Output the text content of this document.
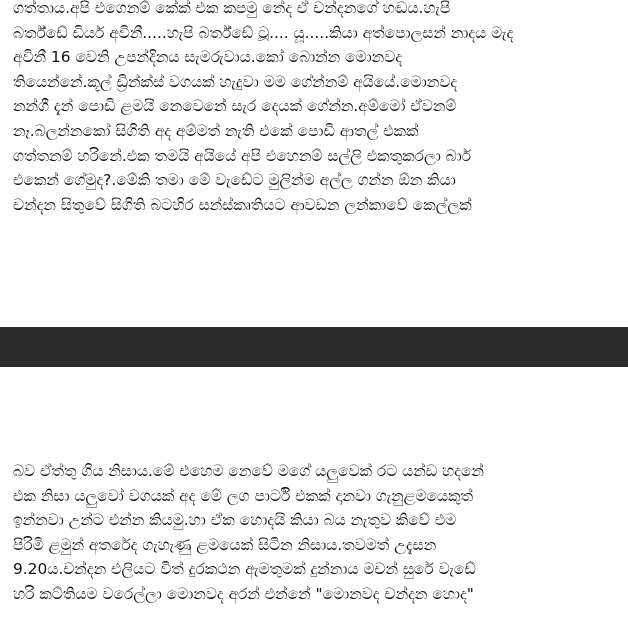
ගත්තාය.අපි එගෙනම් කේක් එක කපමු නේද ඒ චන්දනගේ හඬය.හැපි
බර්ත්ඩේ ඩියර් අවිනී.....හැපි බර්ත්ඩේ ටූ.... යූ.....කියා අත්පොලසන් නාදය මැද
අවිනී 16 වෙනි උපන්දිනය සැමරුවාය.කෝ බොන්න මොනවද
තියෙන්නේ.කූල් ඩ්‍රින්ක්ස් වගයක් හැදුවා මම ගේන්නම් අයියේ.මොනවද
නන්ගී දැන් පොඩි ළමයි නෙවෙනේ සැර දෙයක් ගේන්න.අම්මෝ ඒවනම්
නෑ.බලන්නකෝ සිගිති අද අම්මත් නැති එකේ පොඩි ආතල් එකක්
ගත්තනම් හරිනේ.එක තමයි අයියේ අපි එහෙනම් සල්ලි එකතුකරලා බාර්
එකෙන් ගේමුද?.මේකි තමා මේ වැඩේට මුලින්ම අල්ල ගන්න ඕන කියා
චන්දන සිතුවේ සිගිති බටහිර සන්ස්කෘතියට ආවඩන ලන්කාවේ කෙල්ලක්
බව ඒත්තු ගිය නිසාය.මේ එහෙම නෙවේ මගේ යලුවෙක් රට යන්ඩ හදනේ
එක නිසා යලුවෝ වගයක් අද මේ ලග පාර්ටි එකක් දානවා ගැනුළමයෙකුත්
ඉන්නවා උන්ට එන්න කියමු.හා ඒක හොදයි කියා බය නැතුව කිවේ එම
පිරිමි ළමුන් අතරේද ගැහැණු ළමයෙක් සිටින නිසාය.තවමත් උදැසන
9.20ය.චන්දන එලියට විත් දුරකථන ඇමතුමක් දුන්නාය මචන් සුරේ වැඩේ
හරි කට්තියම වරෙල්ලා මොනවද අරන් එන්නේ "මොනවද චන්දන හොද"
